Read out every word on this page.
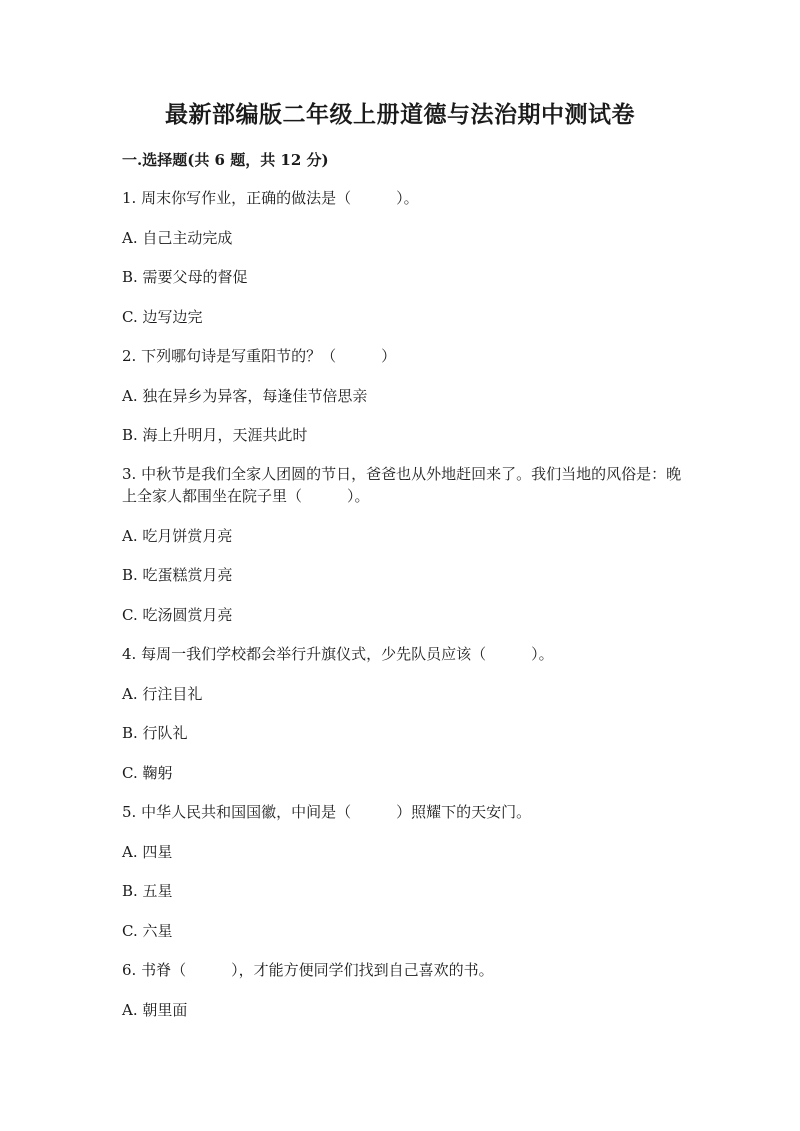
最新部编版二年级上册道德与法治期中测试卷
一.选择题(共 6 题，共 12 分)
1. 周末你写作业，正确的做法是（　　　）。
A. 自己主动完成
B. 需要父母的督促
C. 边写边完
2. 下列哪句诗是写重阳节的？（　　　）
A. 独在异乡为异客，每逢佳节倍思亲
B. 海上升明月，天涯共此时
3. 中秋节是我们全家人团圆的节日，爸爸也从外地赶回来了。我们当地的风俗是：晚上全家人都围坐在院子里（　　　）。
A. 吃月饼赏月亮
B. 吃蛋糕赏月亮
C. 吃汤圆赏月亮
4. 每周一我们学校都会举行升旗仪式，少先队员应该（　　　）。
A. 行注目礼
B. 行队礼
C. 鞠躬
5. 中华人民共和国国徽，中间是（　　　）照耀下的天安门。
A. 四星
B. 五星
C. 六星
6. 书脊（　　　），才能方便同学们找到自己喜欢的书。
A. 朝里面
